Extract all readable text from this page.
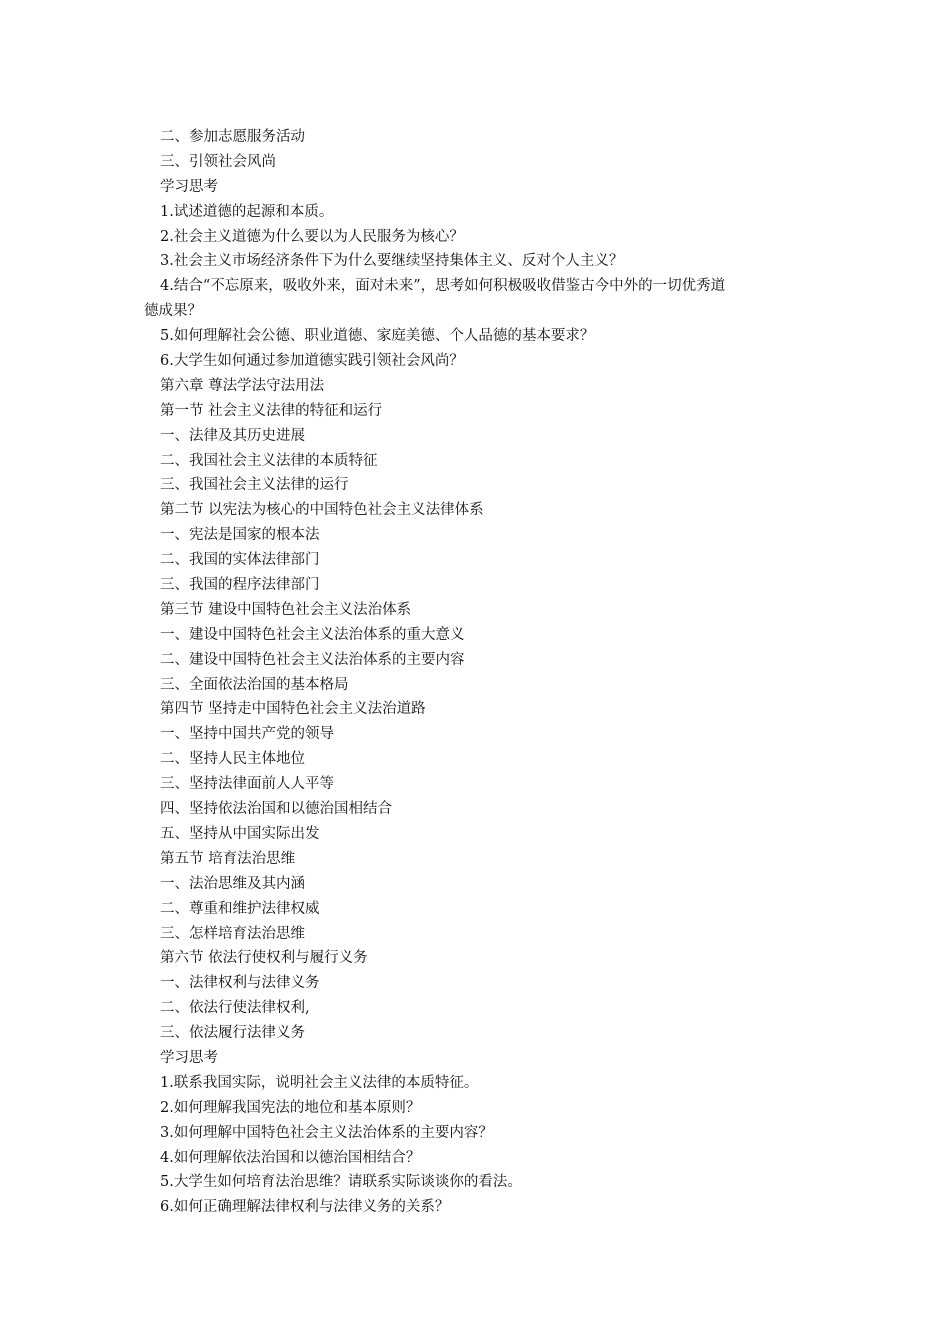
二、参加志愿服务活动
三、引领社会风尚
学习思考
1.试述道德的起源和本质。
2.社会主义道德为什么要以为人民服务为核心？
3.社会主义市场经济条件下为什么要继续坚持集体主义、反对个人主义？
4.结合“不忘原来，吸收外来，面对未来”，思考如何积极吸收借鉴古今中外的一切优秀道
德成果？
5.如何理解社会公德、职业道德、家庭美德、个人品德的基本要求？
6.大学生如何通过参加道德实践引领社会风尚？
第六章 尊法学法守法用法
第一节 社会主义法律的特征和运行
一、法律及其历史进展
二、我国社会主义法律的本质特征
三、我国社会主义法律的运行
第二节 以宪法为核心的中国特色社会主义法律体系
一、宪法是国家的根本法
二、我国的实体法律部门
三、我国的程序法律部门
第三节 建设中国特色社会主义法治体系
一、建设中国特色社会主义法治体系的重大意义
二、建设中国特色社会主义法治体系的主要内容
三、全面依法治国的基本格局
第四节 坚持走中国特色社会主义法治道路
一、坚持中国共产党的领导
二、坚持人民主体地位
三、坚持法律面前人人平等
四、坚持依法治国和以德治国相结合
五、坚持从中国实际出发
第五节 培育法治思维
一、法治思维及其内涵
二、尊重和维护法律权威
三、怎样培育法治思维
第六节 依法行使权利与履行义务
一、法律权利与法律义务
二、依法行使法律权利,
三、依法履行法律义务
学习思考
1.联系我国实际，说明社会主义法律的本质特征。
2.如何理解我国宪法的地位和基本原则？
3.如何理解中国特色社会主义法治体系的主要内容？
4.如何理解依法治国和以德治国相结合？
5.大学生如何培育法治思维？请联系实际谈谈你的看法。
6.如何正确理解法律权利与法律义务的关系？
